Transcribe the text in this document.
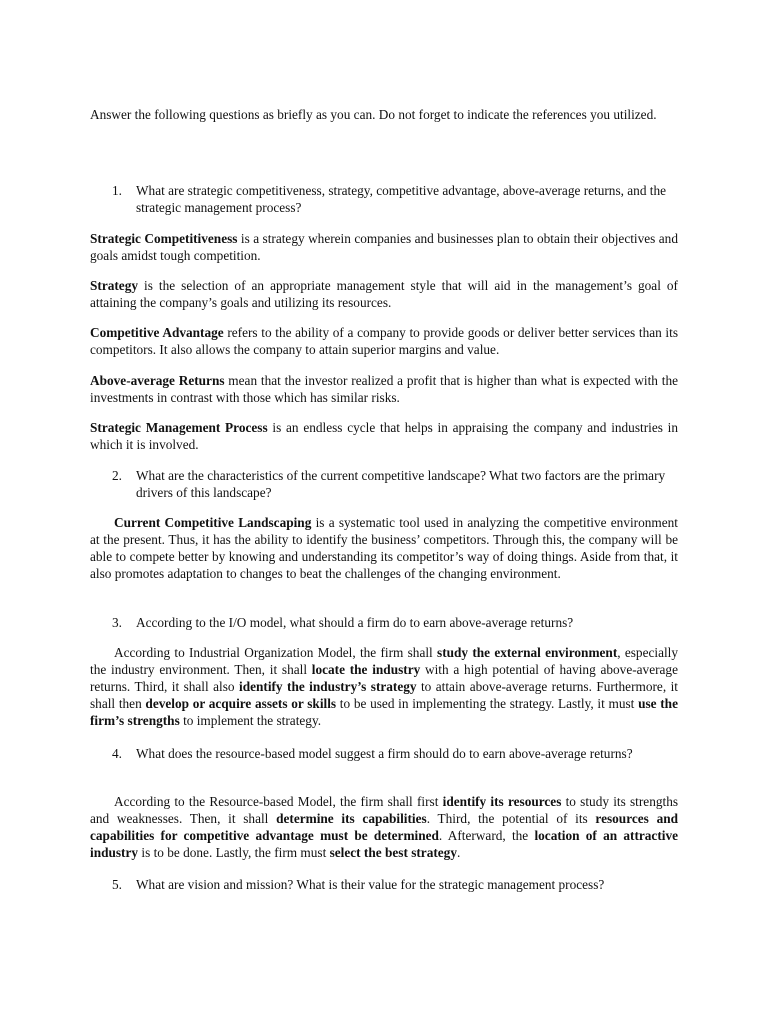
Answer the following questions as briefly as you can. Do not forget to indicate the references you utilized.

1. What are strategic competitiveness, strategy, competitive advantage, above-average returns, and the strategic management process?

Strategic Competitiveness is a strategy wherein companies and businesses plan to obtain their objectives and goals amidst tough competition.

Strategy is the selection of an appropriate management style that will aid in the management’s goal of attaining the company’s goals and utilizing its resources.

Competitive Advantage refers to the ability of a company to provide goods or deliver better services than its competitors. It also allows the company to attain superior margins and value.

Above-average Returns mean that the investor realized a profit that is higher than what is expected with the investments in contrast with those which has similar risks.

Strategic Management Process is an endless cycle that helps in appraising the company and industries in which it is involved.

2. What are the characteristics of the current competitive landscape? What two factors are the primary drivers of this landscape?

Current Competitive Landscaping is a systematic tool used in analyzing the competitive environment at the present. Thus, it has the ability to identify the business’ competitors. Through this, the company will be able to compete better by knowing and understanding its competitor’s way of doing things. Aside from that, it also promotes adaptation to changes to beat the challenges of the changing environment.

3. According to the I/O model, what should a firm do to earn above-average returns?

According to Industrial Organization Model, the firm shall study the external environment, especially the industry environment. Then, it shall locate the industry with a high potential of having above-average returns. Third, it shall also identify the industry’s strategy to attain above-average returns. Furthermore, it shall then develop or acquire assets or skills to be used in implementing the strategy. Lastly, it must use the firm’s strengths to implement the strategy.

4. What does the resource-based model suggest a firm should do to earn above-average returns?

According to the Resource-based Model, the firm shall first identify its resources to study its strengths and weaknesses. Then, it shall determine its capabilities. Third, the potential of its resources and capabilities for competitive advantage must be determined. Afterward, the location of an attractive industry is to be done. Lastly, the firm must select the best strategy.

5. What are vision and mission? What is their value for the strategic management process?
